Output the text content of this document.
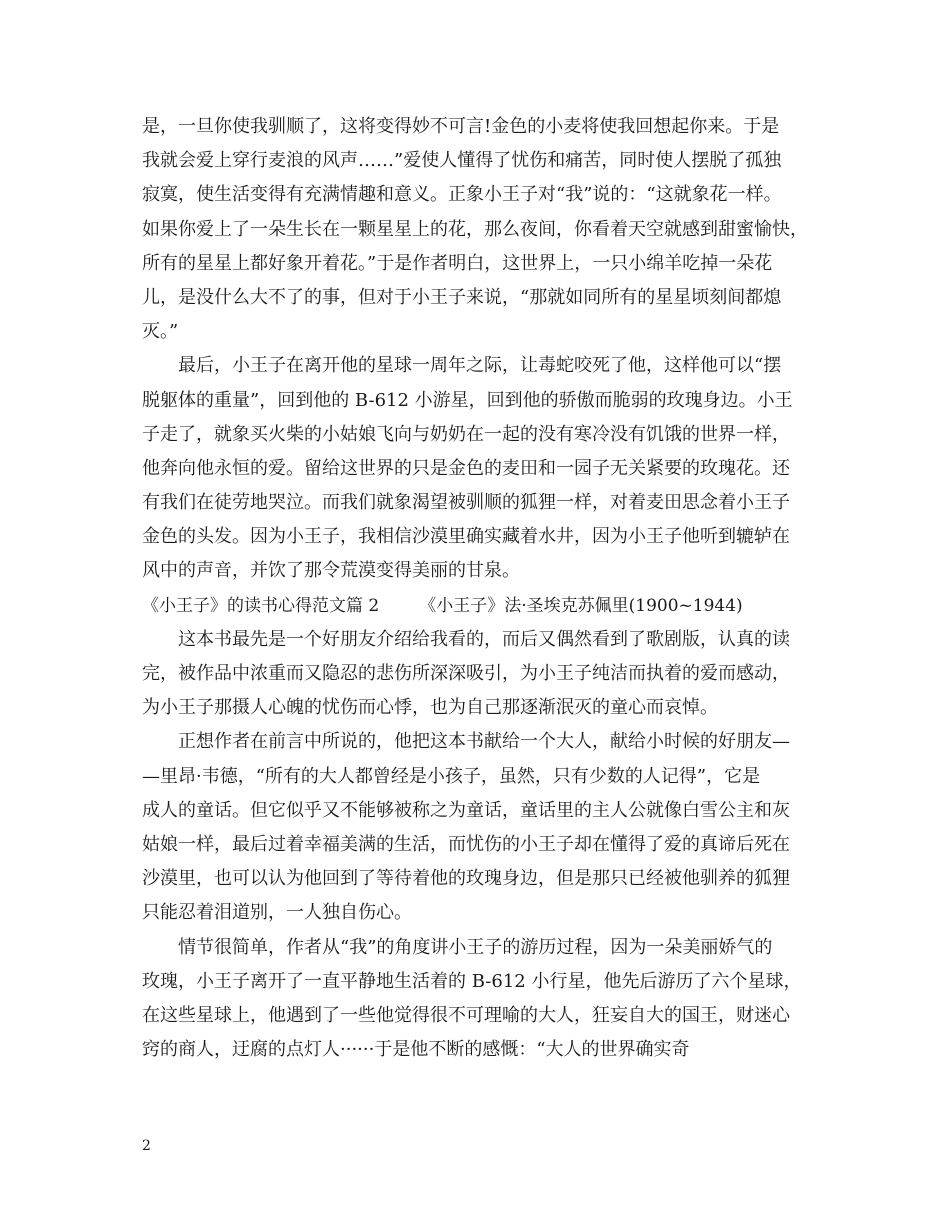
是，一旦你使我驯顺了，这将变得妙不可言!金色的小麦将使我回想起你来。于是
我就会爱上穿行麦浪的风声……”爱使人懂得了忧伤和痛苦，同时使人摆脱了孤独
寂寞，使生活变得有充满情趣和意义。正象小王子对“我”说的：“这就象花一样。
如果你爱上了一朵生长在一颗星星上的花，那么夜间，你看着天空就感到甜蜜愉快，
所有的星星上都好象开着花。”于是作者明白，这世界上，一只小绵羊吃掉一朵花
儿，是没什么大不了的事，但对于小王子来说，“那就如同所有的星星顷刻间都熄
灭。”
最后，小王子在离开他的星球一周年之际，让毒蛇咬死了他，这样他可以“摆
脱躯体的重量”，回到他的 B-612 小游星，回到他的骄傲而脆弱的玫瑰身边。小王
子走了，就象买火柴的小姑娘飞向与奶奶在一起的没有寒冷没有饥饿的世界一样，
他奔向他永恒的爱。留给这世界的只是金色的麦田和一园子无关紧要的玫瑰花。还
有我们在徒劳地哭泣。而我们就象渴望被驯顺的狐狸一样，对着麦田思念着小王子
金色的头发。因为小王子，我相信沙漠里确实藏着水井，因为小王子他听到辘轳在
风中的声音，并饮了那令荒漠变得美丽的甘泉。
《小王子》的读书心得范文篇 2 《小王子》法·圣埃克苏佩里(1900~1944)
这本书最先是一个好朋友介绍给我看的，而后又偶然看到了歌剧版，认真的读
完，被作品中浓重而又隐忍的悲伤所深深吸引，为小王子纯洁而执着的爱而感动，
为小王子那摄人心魄的忧伤而心悸，也为自己那逐渐泯灭的童心而哀悼。
正想作者在前言中所说的，他把这本书献给一个大人，献给小时候的好朋友—
—里昂·韦德，“所有的大人都曾经是小孩子，虽然，只有少数的人记得”，它是
成人的童话。但它似乎又不能够被称之为童话，童话里的主人公就像白雪公主和灰
姑娘一样，最后过着幸福美满的生活，而忧伤的小王子却在懂得了爱的真谛后死在
沙漠里，也可以认为他回到了等待着他的玫瑰身边，但是那只已经被他驯养的狐狸
只能忍着泪道别，一人独自伤心。
情节很简单，作者从“我”的角度讲小王子的游历过程，因为一朵美丽娇气的
玫瑰，小王子离开了一直平静地生活着的 B-612 小行星，他先后游历了六个星球，
在这些星球上，他遇到了一些他觉得很不可理喻的大人，狂妄自大的国王，财迷心
窍的商人，迂腐的点灯人······于是他不断的感慨：“大人的世界确实奇
2
